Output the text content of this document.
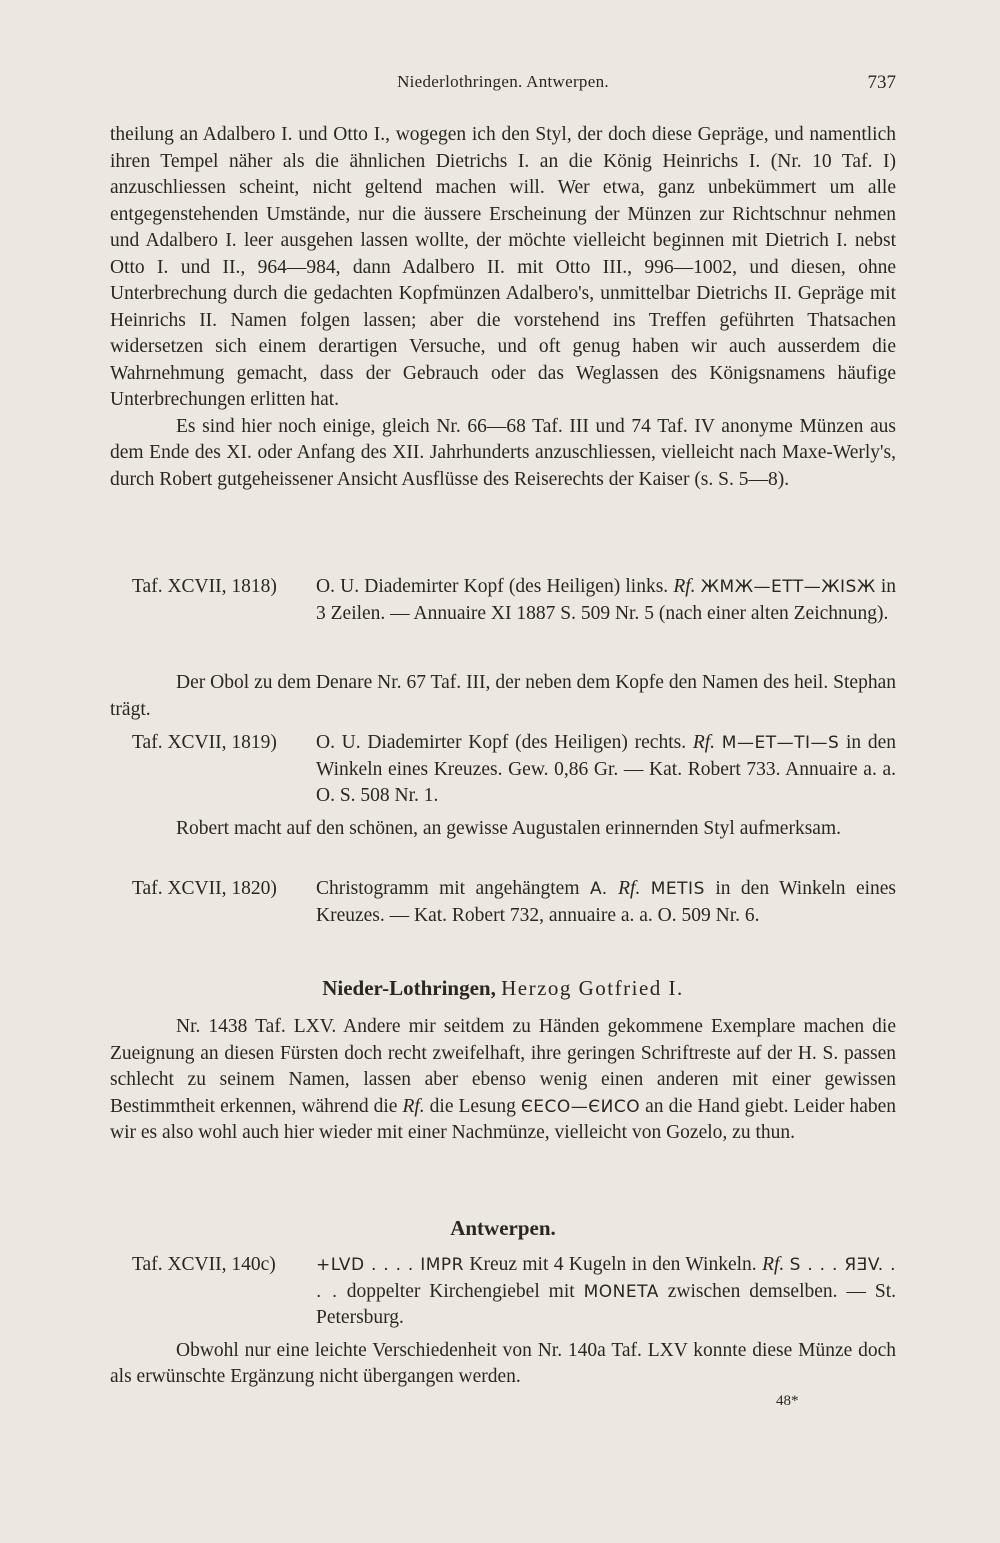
Niederlothringen. Antwerpen.	737

theilung an Adalbero I. und Otto I., wogegen ich den Styl, der doch diese Gepräge, und namentlich ihren Tempel näher als die ähnlichen Dietrichs I. an die König Heinrichs I. (Nr. 10 Taf. I) anzuschliessen scheint, nicht geltend machen will. Wer etwa, ganz unbekümmert um alle entgegenstehenden Umstände, nur die äussere Erscheinung der Münzen zur Richtschnur nehmen und Adalbero I. leer ausgehen lassen wollte, der möchte vielleicht beginnen mit Dietrich I. nebst Otto I. und II., 964—984, dann Adalbero II. mit Otto III., 996—1002, und diesen, ohne Unterbrechung durch die gedachten Kopfmünzen Adalbero's, unmittelbar Dietrichs II. Gepräge mit Heinrichs II. Namen folgen lassen; aber die vorstehend ins Treffen geführten Thatsachen widersetzen sich einem derartigen Versuche, und oft genug haben wir auch ausserdem die Wahrnehmung gemacht, dass der Gebrauch oder das Weglassen des Königsnamens häufige Unterbrechungen erlitten hat.

Es sind hier noch einige, gleich Nr. 66—68 Taf. III und 74 Taf. IV anonyme Münzen aus dem Ende des XI. oder Anfang des XII. Jahrhunderts anzuschliessen, vielleicht nach Maxe-Werly's, durch Robert gutgeheissener Ansicht Ausflüsse des Reiserechts der Kaiser (s. S. 5—8).

Taf. XCVII, 1818)	O. U. Diademirter Kopf (des Heiligen) links. Rf. ЖMЖ—ETT—ЖISЖ in 3 Zeilen. — Annuaire XI 1887 S. 509 Nr. 5 (nach einer alten Zeichnung).

Der Obol zu dem Denare Nr. 67 Taf. III, der neben dem Kopfe den Namen des heil. Stephan trägt.

Taf. XCVII, 1819)	O. U. Diademirter Kopf (des Heiligen) rechts. Rf. M—ET—TI—S in den Winkeln eines Kreuzes. Gew. 0,86 Gr. — Kat. Robert 733. Annuaire a. a. O. S. 508 Nr. 1.

Robert macht auf den schönen, an gewisse Augustalen erinnernden Styl aufmerksam.

Taf. XCVII, 1820)	Christogramm mit angehängtem A. Rf. METIS in den Winkeln eines Kreuzes. — Kat. Robert 732, annuaire a. a. O. 509 Nr. 6.
Nieder-Lothringen, Herzog Gotfried I.

Nr. 1438 Taf. LXV. Andere mir seitdem zu Händen gekommene Exemplare machen die Zueignung an diesen Fürsten doch recht zweifelhaft, ihre geringen Schriftreste auf der H. S. passen schlecht zu seinem Namen, lassen aber ebenso wenig einen anderen mit einer gewissen Bestimmtheit erkennen, während die Rf. die Lesung ЄECO—ЄИCO an die Hand giebt. Leider haben wir es also wohl auch hier wieder mit einer Nachmünze, vielleicht von Gozelo, zu thun.

Antwerpen.
Taf. XCVII, 140c)	+LVD . . . . IMPR Kreuz mit 4 Kugeln in den Winkeln. Rf. S . . . ЯƎV. . . . doppelter Kirchengiebel mit MONETA zwischen demselben. — St. Petersburg.

Obwohl nur eine leichte Verschiedenheit von Nr. 140a Taf. LXV konnte diese Münze doch als erwünschte Ergänzung nicht übergangen werden.

48*
